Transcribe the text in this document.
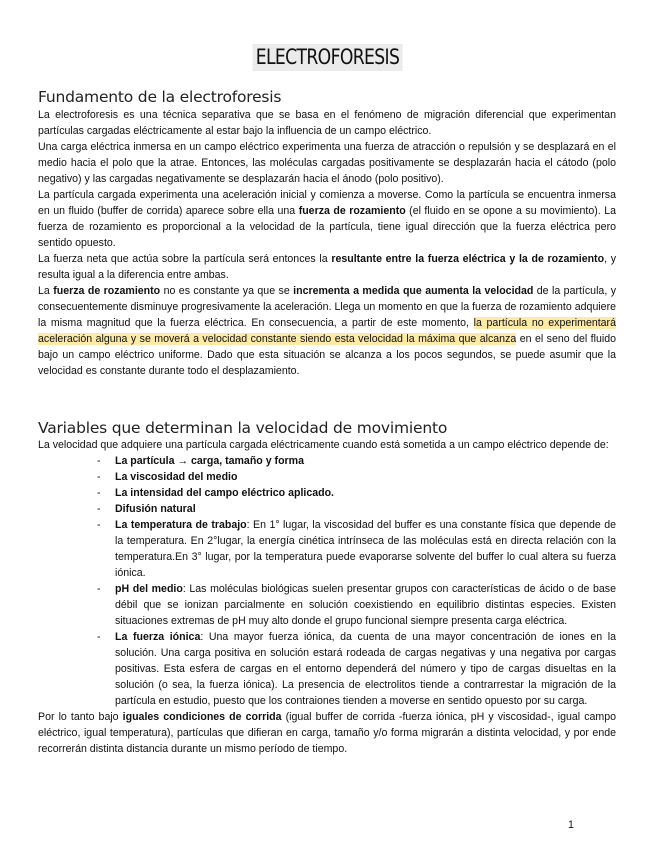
ELECTROFORESIS
Fundamento de la electroforesis

La electroforesis es una técnica separativa que se basa en el fenómeno de migración diferencial que experimentan partículas cargadas eléctricamente al estar bajo la influencia de un campo eléctrico.

Una carga eléctrica inmersa en un campo eléctrico experimenta una fuerza de atracción o repulsión y se desplazará en el medio hacia el polo que la atrae. Entonces, las moléculas cargadas positivamente se desplazarán hacia el cátodo (polo negativo) y las cargadas negativamente se desplazarán hacia el ánodo (polo positivo).

La partícula cargada experimenta una aceleración inicial y comienza a moverse. Como la partícula se encuentra inmersa en un fluido (buffer de corrida) aparece sobre ella una fuerza de rozamiento (el fluido en se opone a su movimiento). La fuerza de rozamiento es proporcional a la velocidad de la partícula, tiene igual dirección que la fuerza eléctrica pero sentido opuesto.

La fuerza neta que actúa sobre la partícula será entonces la resultante entre la fuerza eléctrica y la de rozamiento, y resulta igual a la diferencia entre ambas.

La fuerza de rozamiento no es constante ya que se incrementa a medida que aumenta la velocidad de la partícula, y consecuentemente disminuye progresivamente la aceleración. Llega un momento en que la fuerza de rozamiento adquiere la misma magnitud que la fuerza eléctrica. En consecuencia, a partir de este momento, la partícula no experimentará aceleración alguna y se moverá a velocidad constante siendo esta velocidad la máxima que alcanza en el seno del fluido bajo un campo eléctrico uniforme. Dado que esta situación se alcanza a los pocos segundos, se puede asumir que la velocidad es constante durante todo el desplazamiento.

Variables que determinan la velocidad de movimiento

La velocidad que adquiere una partícula cargada eléctricamente cuando está sometida a un campo eléctrico depende de:

- La partícula → carga, tamaño y forma
- La viscosidad del medio
- La intensidad del campo eléctrico aplicado.
- Difusión natural
- La temperatura de trabajo: En 1° lugar, la viscosidad del buffer es una constante física que depende de la temperatura. En 2°lugar, la energía cinética intrínseca de las moléculas está en directa relación con la temperatura.En 3° lugar, por la temperatura puede evaporarse solvente del buffer lo cual altera su fuerza iónica.
- pH del medio: Las moléculas biológicas suelen presentar grupos con características de ácido o de base débil que se ionizan parcialmente en solución coexistiendo en equilibrio distintas especies. Existen situaciones extremas de pH muy alto donde el grupo funcional siempre presenta carga eléctrica.
- La fuerza iónica: Una mayor fuerza iónica, da cuenta de una mayor concentración de iones en la solución. Una carga positiva en solución estará rodeada de cargas negativas y una negativa por cargas positivas. Esta esfera de cargas en el entorno dependerá del número y tipo de cargas disueltas en la solución (o sea, la fuerza iónica). La presencia de electrolitos tiende a contrarrestar la migración de la partícula en estudio, puesto que los contraiones tienden a moverse en sentido opuesto por su carga.

Por lo tanto bajo iguales condiciones de corrida (igual buffer de corrida -fuerza iónica, pH y viscosidad-, igual campo eléctrico, igual temperatura), partículas que difieran en carga, tamaño y/o forma migrarán a distinta velocidad, y por ende recorrerán distinta distancia durante un mismo período de tiempo.

1
